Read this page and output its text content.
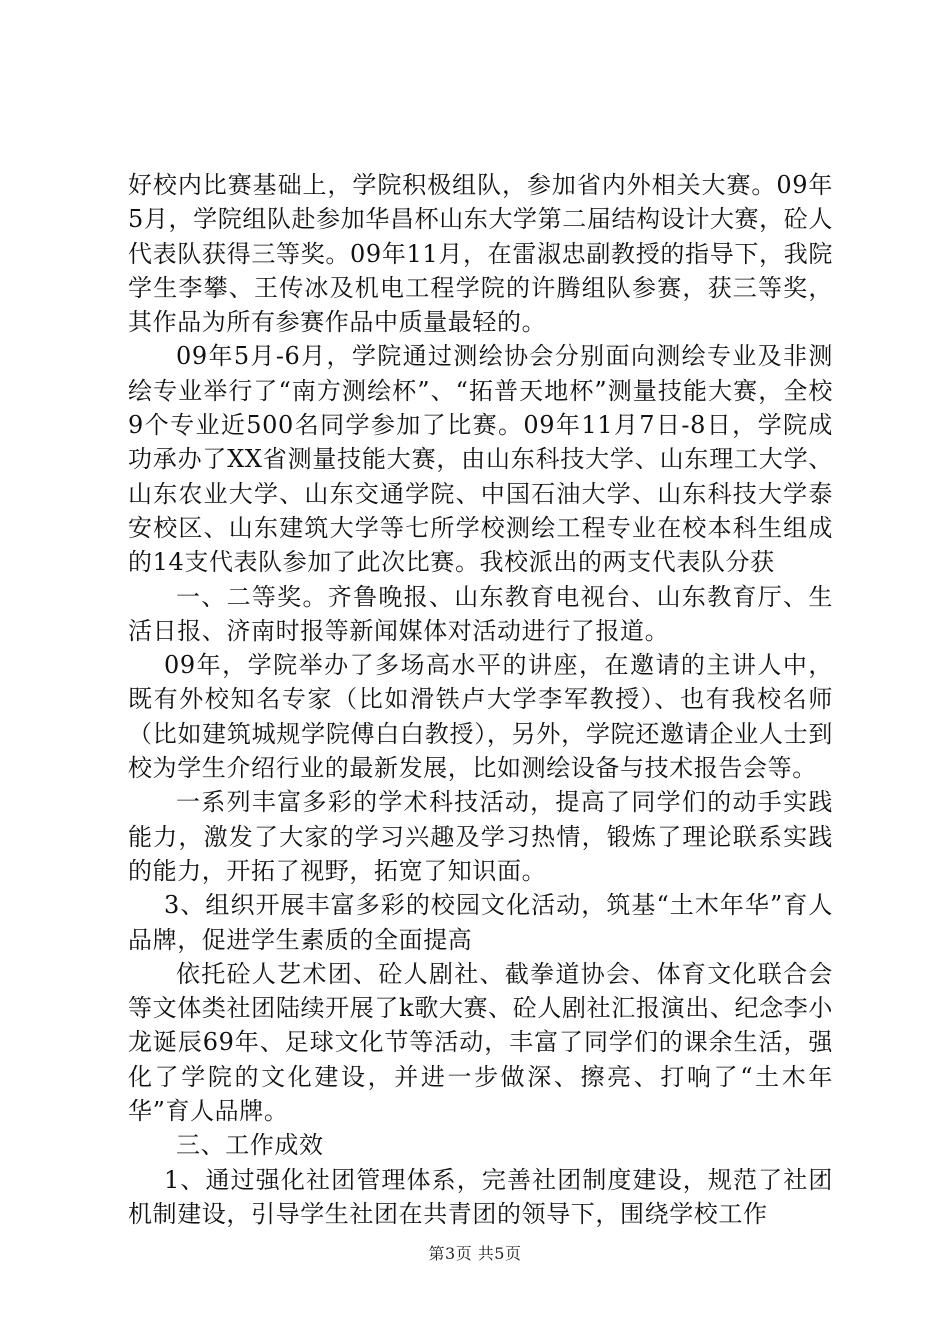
好校内比赛基础上，学院积极组队，参加省内外相关大赛。09年5月，学院组队赴参加华昌杯山东大学第二届结构设计大赛，砼人代表队获得三等奖。09年11月，在雷淑忠副教授的指导下，我院学生李攀、王传冰及机电工程学院的许腾组队参赛，获三等奖，其作品为所有参赛作品中质量最轻的。

09年5月-6月，学院通过测绘协会分别面向测绘专业及非测绘专业举行了“南方测绘杯”、“拓普天地杯”测量技能大赛，全校9个专业近500名同学参加了比赛。09年11月7日-8日，学院成功承办了XX省测量技能大赛，由山东科技大学、山东理工大学、山东农业大学、山东交通学院、中国石油大学、山东科技大学泰安校区、山东建筑大学等七所学校测绘工程专业在校本科生组成的14支代表队参加了此次比赛。我校派出的两支代表队分获

一、二等奖。齐鲁晚报、山东教育电视台、山东教育厅、生活日报、济南时报等新闻媒体对活动进行了报道。

09年，学院举办了多场高水平的讲座，在邀请的主讲人中，既有外校知名专家（比如滑铁卢大学李军教授）、也有我校名师（比如建筑城规学院傅白白教授），另外，学院还邀请企业人士到校为学生介绍行业的最新发展，比如测绘设备与技术报告会等。

一系列丰富多彩的学术科技活动，提高了同学们的动手实践能力，激发了大家的学习兴趣及学习热情，锻炼了理论联系实践的能力，开拓了视野，拓宽了知识面。

3、组织开展丰富多彩的校园文化活动，筑基“土木年华”育人品牌，促进学生素质的全面提高

依托砼人艺术团、砼人剧社、截拳道协会、体育文化联合会等文体类社团陆续开展了k歌大赛、砼人剧社汇报演出、纪念李小龙诞辰69年、足球文化节等活动，丰富了同学们的课余生活，强化了学院的文化建设，并进一步做深、擦亮、打响了“土木年华”育人品牌。

三、工作成效

1、通过强化社团管理体系，完善社团制度建设，规范了社团机制建设，引导学生社团在共青团的领导下，围绕学校工作

第3页 共5页
